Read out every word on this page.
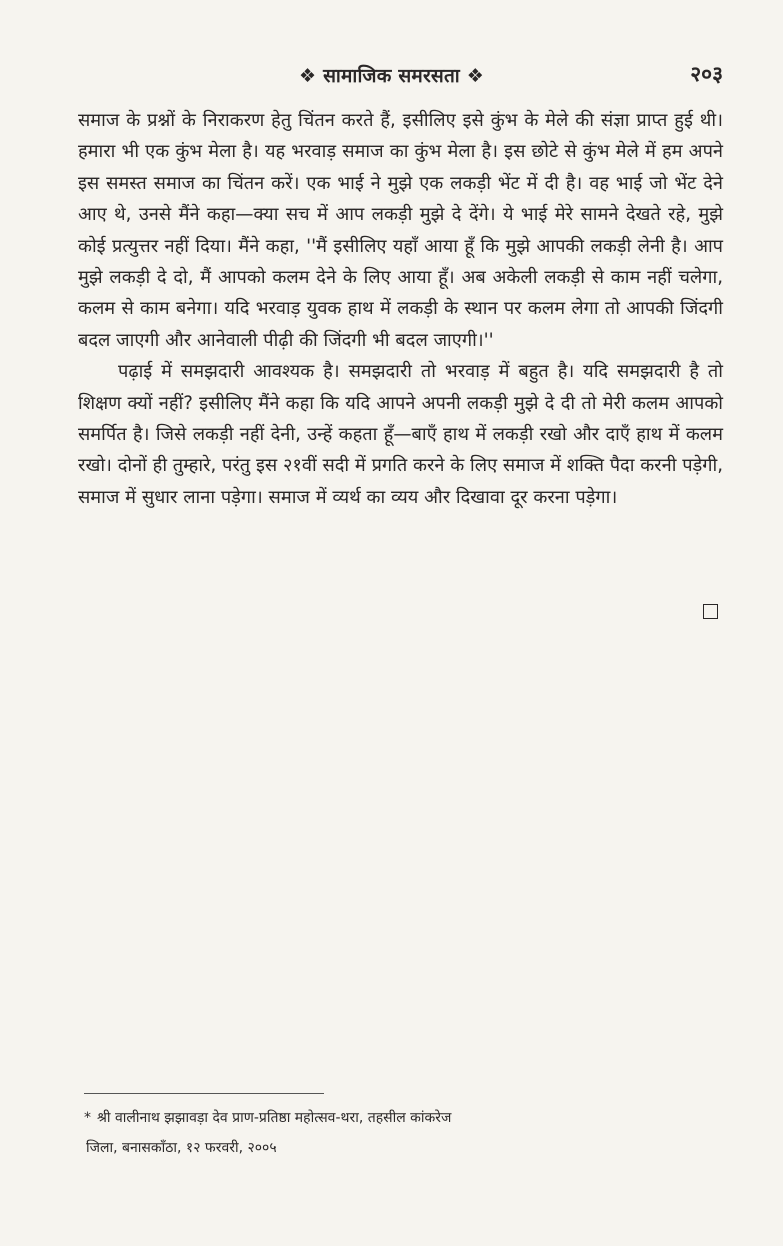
❖ सामाजिक समरसता ❖	२०३

समाज के प्रश्नों के निराकरण हेतु चिंतन करते हैं, इसीलिए इसे कुंभ के मेले की संज्ञा प्राप्त हुई थी। हमारा भी एक कुंभ मेला है। यह भरवाड़ समाज का कुंभ मेला है। इस छोटे से कुंभ मेले में हम अपने इस समस्त समाज का चिंतन करें। एक भाई ने मुझे एक लकड़ी भेंट में दी है। वह भाई जो भेंट देने आए थे, उनसे मैंने कहा—क्या सच में आप लकड़ी मुझे दे देंगे। ये भाई मेरे सामने देखते रहे, मुझे कोई प्रत्युत्तर नहीं दिया। मैंने कहा, ''मैं इसीलिए यहाँ आया हूँ कि मुझे आपकी लकड़ी लेनी है। आप मुझे लकड़ी दे दो, मैं आपको कलम देने के लिए आया हूँ। अब अकेली लकड़ी से काम नहीं चलेगा, कलम से काम बनेगा। यदि भरवाड़ युवक हाथ में लकड़ी के स्थान पर कलम लेगा तो आपकी जिंदगी बदल जाएगी और आनेवाली पीढ़ी की जिंदगी भी बदल जाएगी।''

पढ़ाई में समझदारी आवश्यक है। समझदारी तो भरवाड़ में बहुत है। यदि समझदारी है तो शिक्षण क्यों नहीं? इसीलिए मैंने कहा कि यदि आपने अपनी लकड़ी मुझे दे दी तो मेरी कलम आपको समर्पित है। जिसे लकड़ी नहीं देनी, उन्हें कहता हूँ—बाएँ हाथ में लकड़ी रखो और दाएँ हाथ में कलम रखो। दोनों ही तुम्हारे, परंतु इस २१वीं सदी में प्रगति करने के लिए समाज में शक्ति पैदा करनी पड़ेगी, समाज में सुधार लाना पड़ेगा। समाज में व्यर्थ का व्यय और दिखावा दूर करना पड़ेगा।

* श्री वालीनाथ झझावड़ा देव प्राण-प्रतिष्ठा महोत्सव-थरा, तहसील कांकरेज
जिला, बनासकाँठा, १२ फरवरी, २००५
